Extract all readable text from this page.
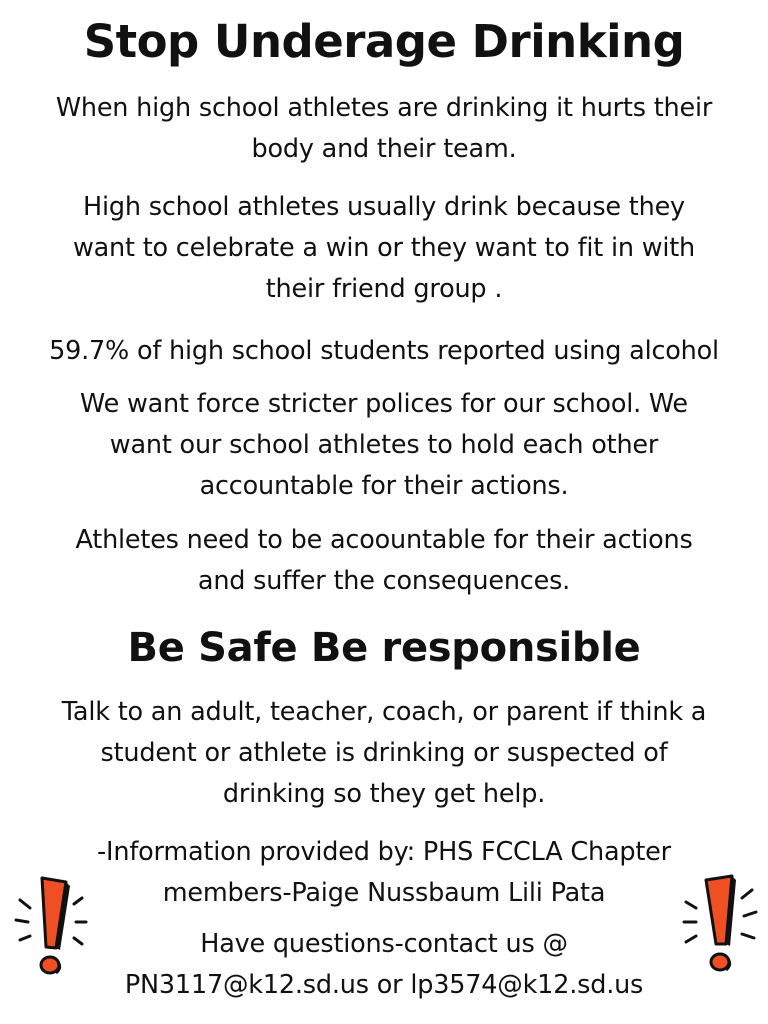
Stop Underage Drinking
When high school athletes are drinking it hurts their
body and their team.
High school athletes usually drink because they
want to celebrate a win or they want to fit in with
their friend group .
59.7% of high school students reported using alcohol
We want force stricter polices for our school. We
want our school athletes to hold each other
accountable for their actions.
Athletes need to be acoountable for their actions
and suffer the consequences.
Be Safe Be responsible
Talk to an adult, teacher, coach, or parent if think a
student or athlete is drinking or suspected of
drinking so they get help.
-Information provided by: PHS FCCLA Chapter
members-Paige Nussbaum Lili Pata
Have questions-contact us @
PN3117@k12.sd.us or lp3574@k12.sd.us
